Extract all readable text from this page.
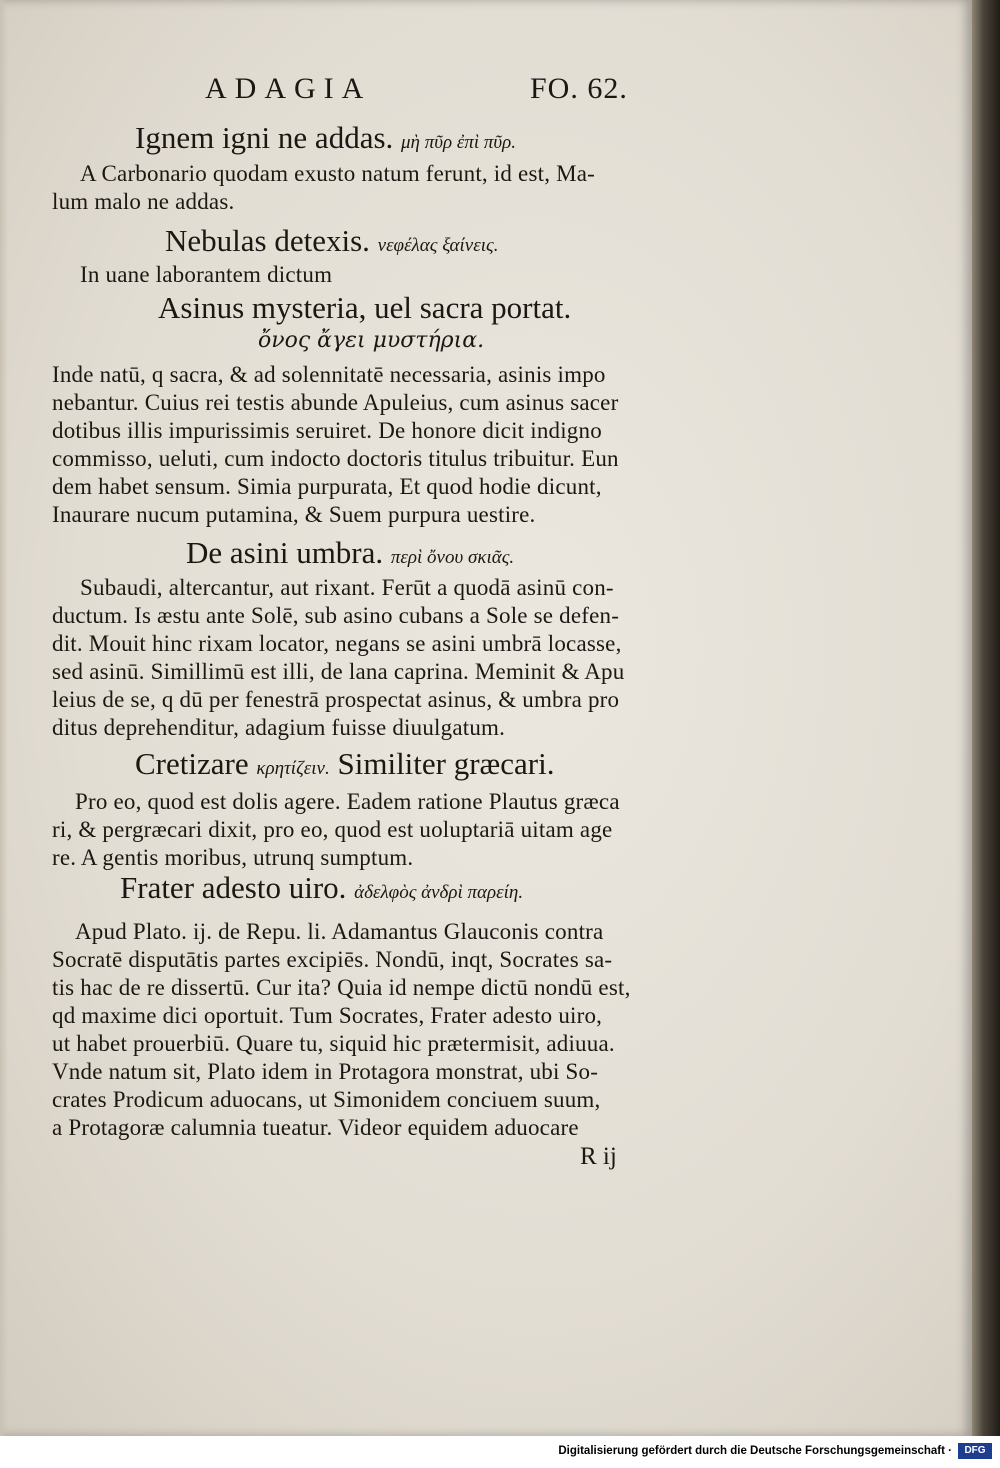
ADAGIA	FO. 62.
Ignem igni ne addas. μὴ πῦρ ἐπὶ πῦρ.
A Carbonario quodam exusto natum ferunt, id est, Ma-
lum malo ne addas.
Nebulas detexis. νεφέλας ξαίνεις.
In uane laborantem dictum
Asinus mysteria, uel sacra portat.
ὄνος ἄγει μυστήρια.
Inde natū, q sacra, & ad solennitatē necessaria, asinis impo
nebantur. Cuius rei testis abunde Apuleius, cum asinus sacer
dotibus illis impurissimis seruiret. De honore dicit indigno
commisso, ueluti, cum indocto doctoris titulus tribuitur. Eun
dem habet sensum. Simia purpurata, Et quod hodie dicunt,
Inaurare nucum putamina, & Suem purpura uestire.
De asini umbra. περὶ ὄνου σκιᾶς.
Subaudi, altercantur, aut rixant. Ferūt a quodā asinū con-
ductum. Is æstu ante Solē, sub asino cubans a Sole se defen-
dit. Mouit hinc rixam locator, negans se asini umbrā locasse,
sed asinū. Simillimū est illi, de lana caprina. Meminit & Apu
leius de se, q dū per fenestrā prospectat asinus, & umbra pro
ditus deprehenditur, adagium fuisse diuulgatum.
Cretizare κρητίζειν. Similiter græcari.
Pro eo, quod est dolis agere. Eadem ratione Plautus græca
ri, & pergræcari dixit, pro eo, quod est uoluptariā uitam age
re. A gentis moribus, utrunq sumptum.
Frater adesto uiro. ἀδελφὸς ἀνδρὶ παρείη.
Apud Plato. ij. de Repu. li. Adamantus Glauconis contra
Socratē disputātis partes excipiēs. Nondū, inqt, Socrates sa-
tis hac de re dissertū. Cur ita? Quia id nempe dictū nondū est,
qd maxime dici oportuit. Tum Socrates, Frater adesto uiro,
ut habet prouerbiū. Quare tu, siquid hic prætermisit, adiuua.
Vnde natum sit, Plato idem in Protagora monstrat, ubi So-
crates Prodicum aduocans, ut Simonidem conciuem suum,
a Protagoræ calumnia tueatur. Videor equidem aduocare
R ij
Digitalisierung gefördert durch die Deutsche Forschungsgemeinschaft ·	DFG
